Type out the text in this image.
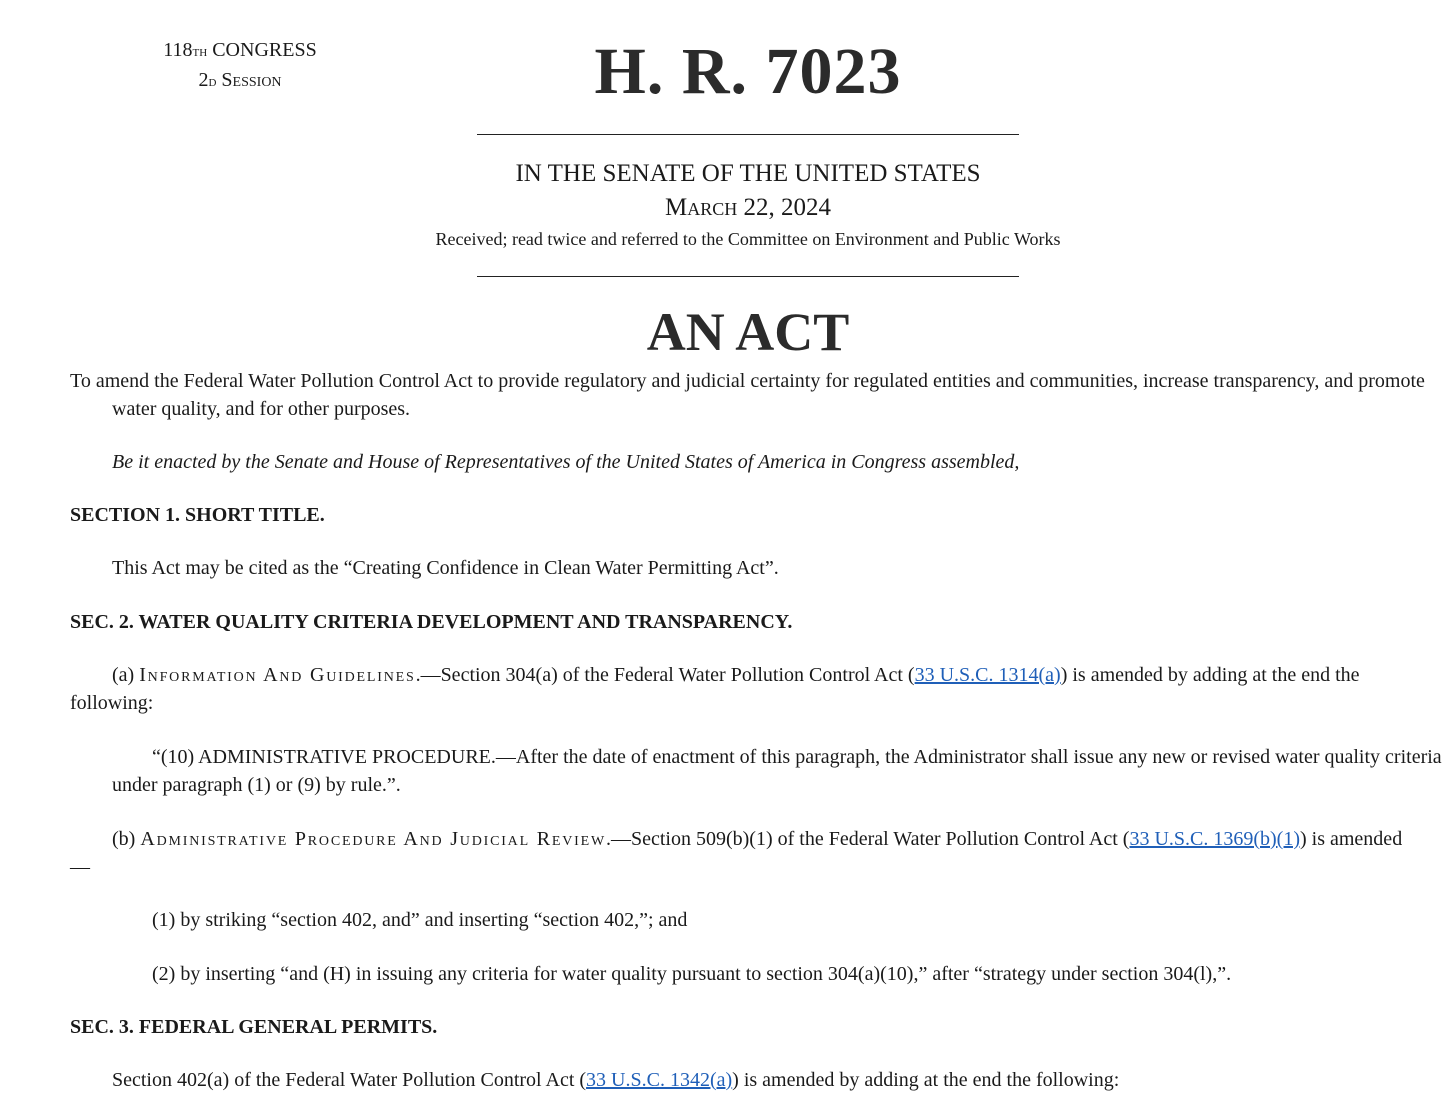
118th CONGRESS
2d Session	H. R. 7023
IN THE SENATE OF THE UNITED STATES
March 22, 2024
Received; read twice and referred to the Committee on Environment and Public Works
AN ACT
To amend the Federal Water Pollution Control Act to provide regulatory and judicial certainty for regulated entities and communities, increase transparency, and promote water quality, and for other purposes.
Be it enacted by the Senate and House of Representatives of the United States of America in Congress assembled,
SECTION 1. SHORT TITLE.
This Act may be cited as the “Creating Confidence in Clean Water Permitting Act”.
SEC. 2. WATER QUALITY CRITERIA DEVELOPMENT AND TRANSPARENCY.
(a) Information And Guidelines.—Section 304(a) of the Federal Water Pollution Control Act (33 U.S.C. 1314(a)) is amended by adding at the end the following:
“(10) ADMINISTRATIVE PROCEDURE.—After the date of enactment of this paragraph, the Administrator shall issue any new or revised water quality criteria under paragraph (1) or (9) by rule.”.
(b) Administrative Procedure And Judicial Review.—Section 509(b)(1) of the Federal Water Pollution Control Act (33 U.S.C. 1369(b)(1)) is amended—
(1) by striking “section 402, and” and inserting “section 402,”; and
(2) by inserting “and (H) in issuing any criteria for water quality pursuant to section 304(a)(10),” after “strategy under section 304(l),”.
SEC. 3. FEDERAL GENERAL PERMITS.
Section 402(a) of the Federal Water Pollution Control Act (33 U.S.C. 1342(a)) is amended by adding at the end the following:
